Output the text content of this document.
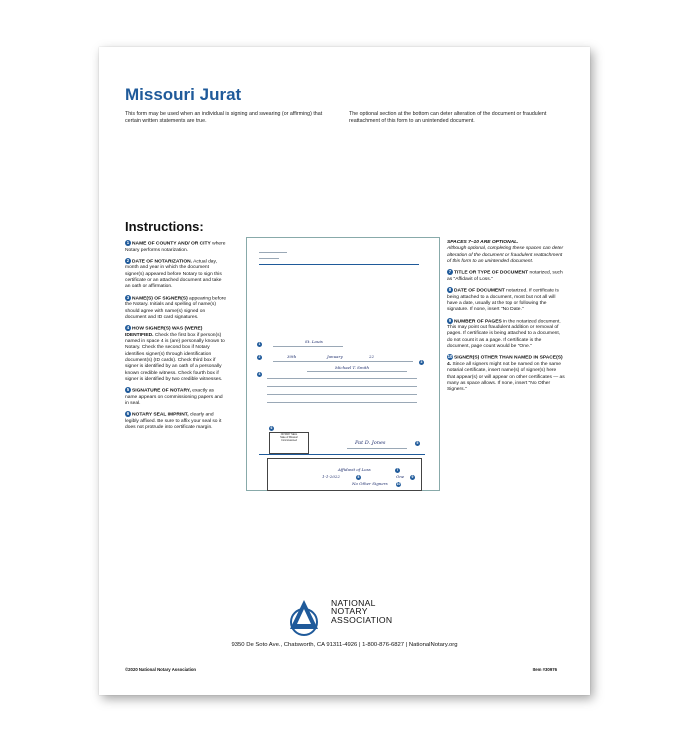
Missouri Jurat
This form may be used when an individual is signing and swearing (or affirming) that certain written statements are true.
The optional section at the bottom can deter alteration of the document or fraudulent reattachment of this form to an unintended document.
Instructions:
1 NAME OF COUNTY AND/ OR CITY where Notary performs notarization.
2 DATE OF NOTARIZATION. Actual day, month and year in which the document signer(s) appeared before Notary to sign this certificate or an attached document and take an oath or affirmation.
3 NAME(S) OF SIGNER(S) appearing before the Notary. Initials and spelling of name(s) should agree with name(s) signed on document and ID card signatures.
4 HOW SIGNER(S) WAS (WERE) IDENTIFIED. Check the first box if person(s) named in space 4 is (are) personally known to Notary. Check the second box if Notary identifies signer(s) through identification document(s) (ID cards). Check third box if signer is identified by an oath of a personally known credible witness. Check fourth box if signer is identified by two credible witnesses.
5 SIGNATURE OF NOTARY, exactly as name appears on commissioning papers and in seal.
6 NOTARY SEAL IMPRINT, clearly and legibly affixed. Be sure to affix your seal so it does not protrude into certificate margin.
1	St. Louis
2	30th	January	22
3
Michael T. Smith
4
6
NOTARY SEAL
State of Missouri
Commissioned	Pat D. Jones	5
Affidavit of Loss	7
1-1-2022	8	One	9
No Other Signers	10
SPACES 7–10 ARE OPTIONAL.
Although optional, completing these spaces can deter alteration of the document or fraudulent reattachment of this form to an unintended document.
7 TITLE OR TYPE OF DOCUMENT notarized, such as "Affidavit of Loss."
8 DATE OF DOCUMENT notarized. If certificate is being attached to a document, most but not all will have a date, usually at the top or following the signature. If none, insert "No Date."
9 NUMBER OF PAGES in the notarized document. This may point out fraudulent addition or removal of pages. If certificate is being attached to a document, do not count it as a page. If certificate is the document, page count would be "One."
10 SIGNER(S) OTHER THAN NAMED IN SPACE(S) 4. Since all signers might not be named on the same notarial certificate, insert name(s) of signer(s) here that appear(s) or will appear on other certificates — as many as space allows. If none, insert "No Other Signers."
NATIONAL
NOTARY
ASSOCIATION
9350 De Soto Ave., Chatsworth, CA 91311-4926 | 1-800-876-6827 | NationalNotary.org
©2020 National Notary Association	Item #30976
